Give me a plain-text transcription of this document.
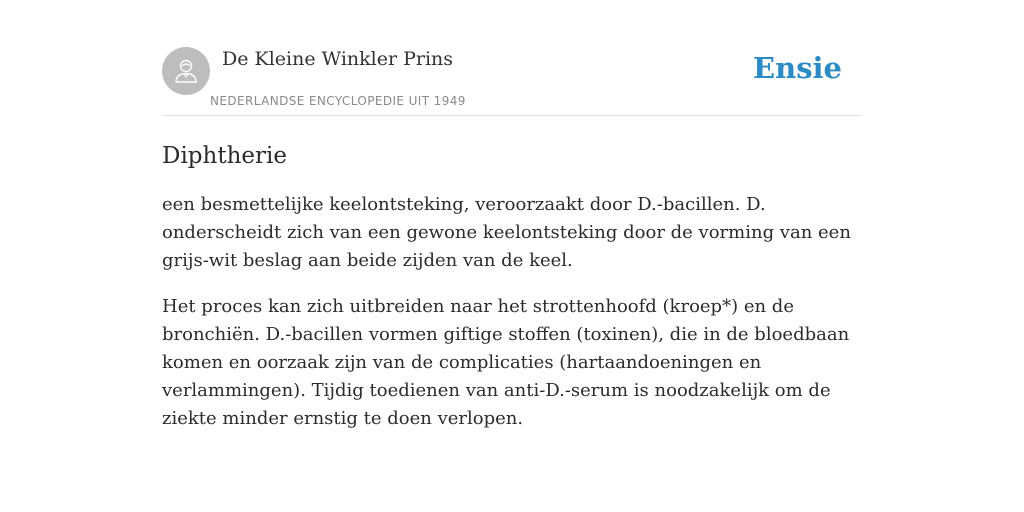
De Kleine Winkler Prins
NEDERLANDSE ENCYCLOPEDIE UIT 1949
Ensie
Diphtherie

een besmettelijke keelontsteking, veroorzaakt door D.-bacillen. D. onderscheidt zich van een gewone keelontsteking door de vorming van een grijs-wit beslag aan beide zijden van de keel.

Het proces kan zich uitbreiden naar het strottenhoofd (kroep*) en de bronchiën. D.-bacillen vormen giftige stoffen (toxinen), die in de bloedbaan komen en oorzaak zijn van de complicaties (hartaandoeningen en verlammingen). Tijdig toedienen van anti-D.-serum is noodzakelijk om de ziekte minder ernstig te doen verlopen.
